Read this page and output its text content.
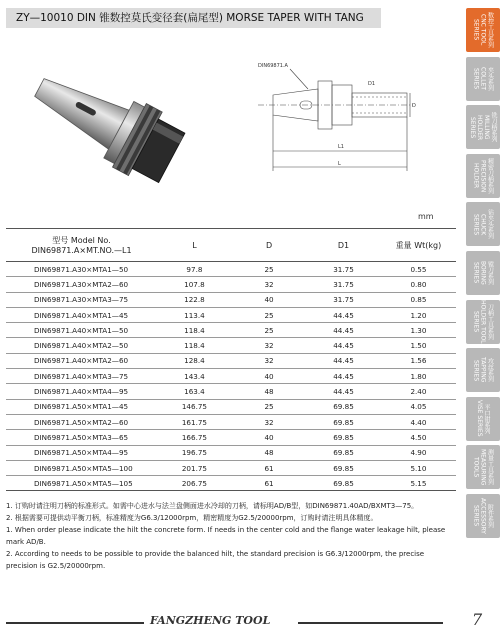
ZY—10010 DIN 锥数控莫氏变径套(扁尾型) MORSE TAPER WITH TANG	数控工具系列 CNC TOOL SERIES
夹头系列 COLLET SERIES
铣刀柄系列 MILLING HOLDER SERIES
精密刀柄系列 PRECISION HOLDER
钻夹头系列 CHUCK SERIES
镗刀系列 BORING SERIES
刀柄工具系列 HOLDER TOOL SERIES
攻丝系列 TAPPING SERIES
平口钳系列 VISE SERIES
测量工具系列 MEASURING TOOLS
附件系列 ACCESSORY SERIES
DIN69871.A
L1
L
D1
D
mm
型号 Model No.
DIN69871.A×MT.NO.—L1	L	D	D1	重量 Wt(kg)
DIN69871.A30×MTA1—50	97.8	25	31.75	0.55
DIN69871.A30×MTA2—60	107.8	32	31.75	0.80
DIN69871.A30×MTA3—75	122.8	40	31.75	0.85
DIN69871.A40×MTA1—45	113.4	25	44.45	1.20
DIN69871.A40×MTA1—50	118.4	25	44.45	1.30
DIN69871.A40×MTA2—50	118.4	32	44.45	1.50
DIN69871.A40×MTA2—60	128.4	32	44.45	1.56
DIN69871.A40×MTA3—75	143.4	40	44.45	1.80
DIN69871.A40×MTA4—95	163.4	48	44.45	2.40
DIN69871.A50×MTA1—45	146.75	25	69.85	4.05
DIN69871.A50×MTA2—60	161.75	32	69.85	4.40
DIN69871.A50×MTA3—65	166.75	40	69.85	4.50
DIN69871.A50×MTA4—95	196.75	48	69.85	4.90
DIN69871.A50×MTA5—100	201.75	61	69.85	5.10
DIN69871.A50×MTA5—105	206.75	61	69.85	5.15

1. 订购时请注明刀柄的标准形式。如需中心进水与法兰盘侧面进水冷却的刀柄，请标明AD/B型，如DIN69871.40AD/BXMT3—75。

2. 根据需要可提供动平衡刀柄，标准精度为G6.3/12000rpm，精密精度为G2.5/20000rpm，订购时请注明具体精度。

1. When order please indicate the hilt the concrete form. If needs in the center cold and the flange water leakage hilt, please mark AD/B.

2. According to needs to be possible to provide the balanced hilt, the standard precision is G6.3/12000rpm, the precise precision is G2.5/20000rpm.

FANGZHENG TOOL	7
